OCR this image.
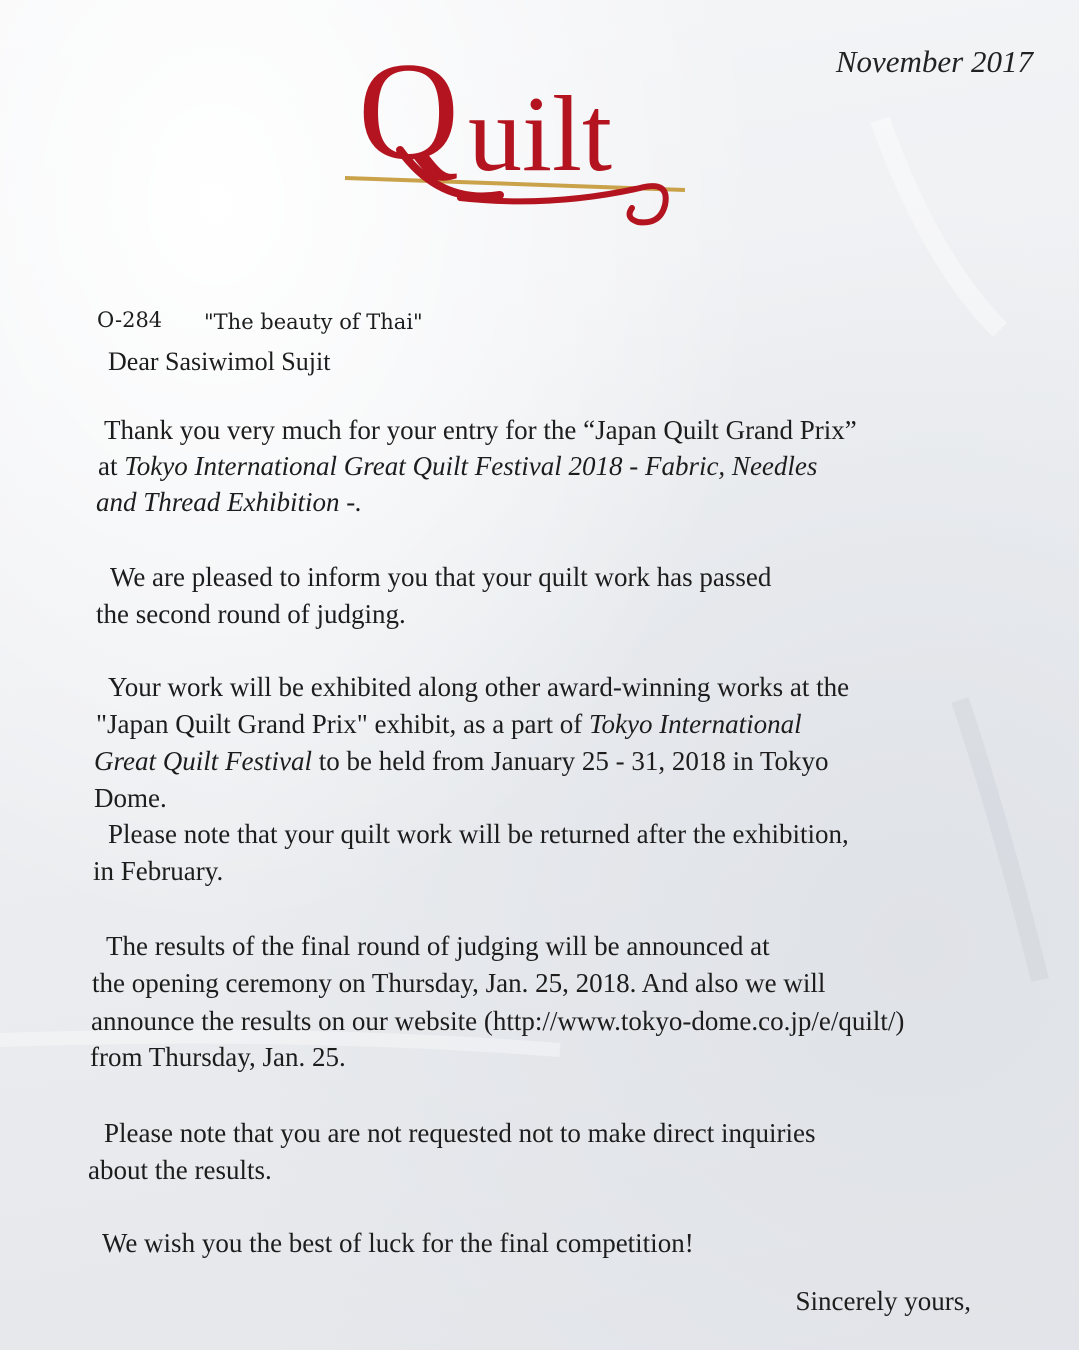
Q uilt
November 2017
O-284 "The beauty of Thai"
Dear Sasiwimol Sujit
Thank you very much for your entry for the “Japan Quilt Grand Prix”
at Tokyo International Great Quilt Festival 2018 - Fabric, Needles
and Thread Exhibition -.
We are pleased to inform you that your quilt work has passed
the second round of judging.
Your work will be exhibited along other award-winning works at the
"Japan Quilt Grand Prix" exhibit, as a part of Tokyo International
Great Quilt Festival to be held from January 25 - 31, 2018 in Tokyo
Dome.
Please note that your quilt work will be returned after the exhibition,
in February.
The results of the final round of judging will be announced at
the opening ceremony on Thursday, Jan. 25, 2018. And also we will
announce the results on our website (http://www.tokyo-dome.co.jp/e/quilt/)
from Thursday, Jan. 25.
Please note that you are not requested not to make direct inquiries
about the results.
We wish you the best of luck for the final competition!
Sincerely yours,
